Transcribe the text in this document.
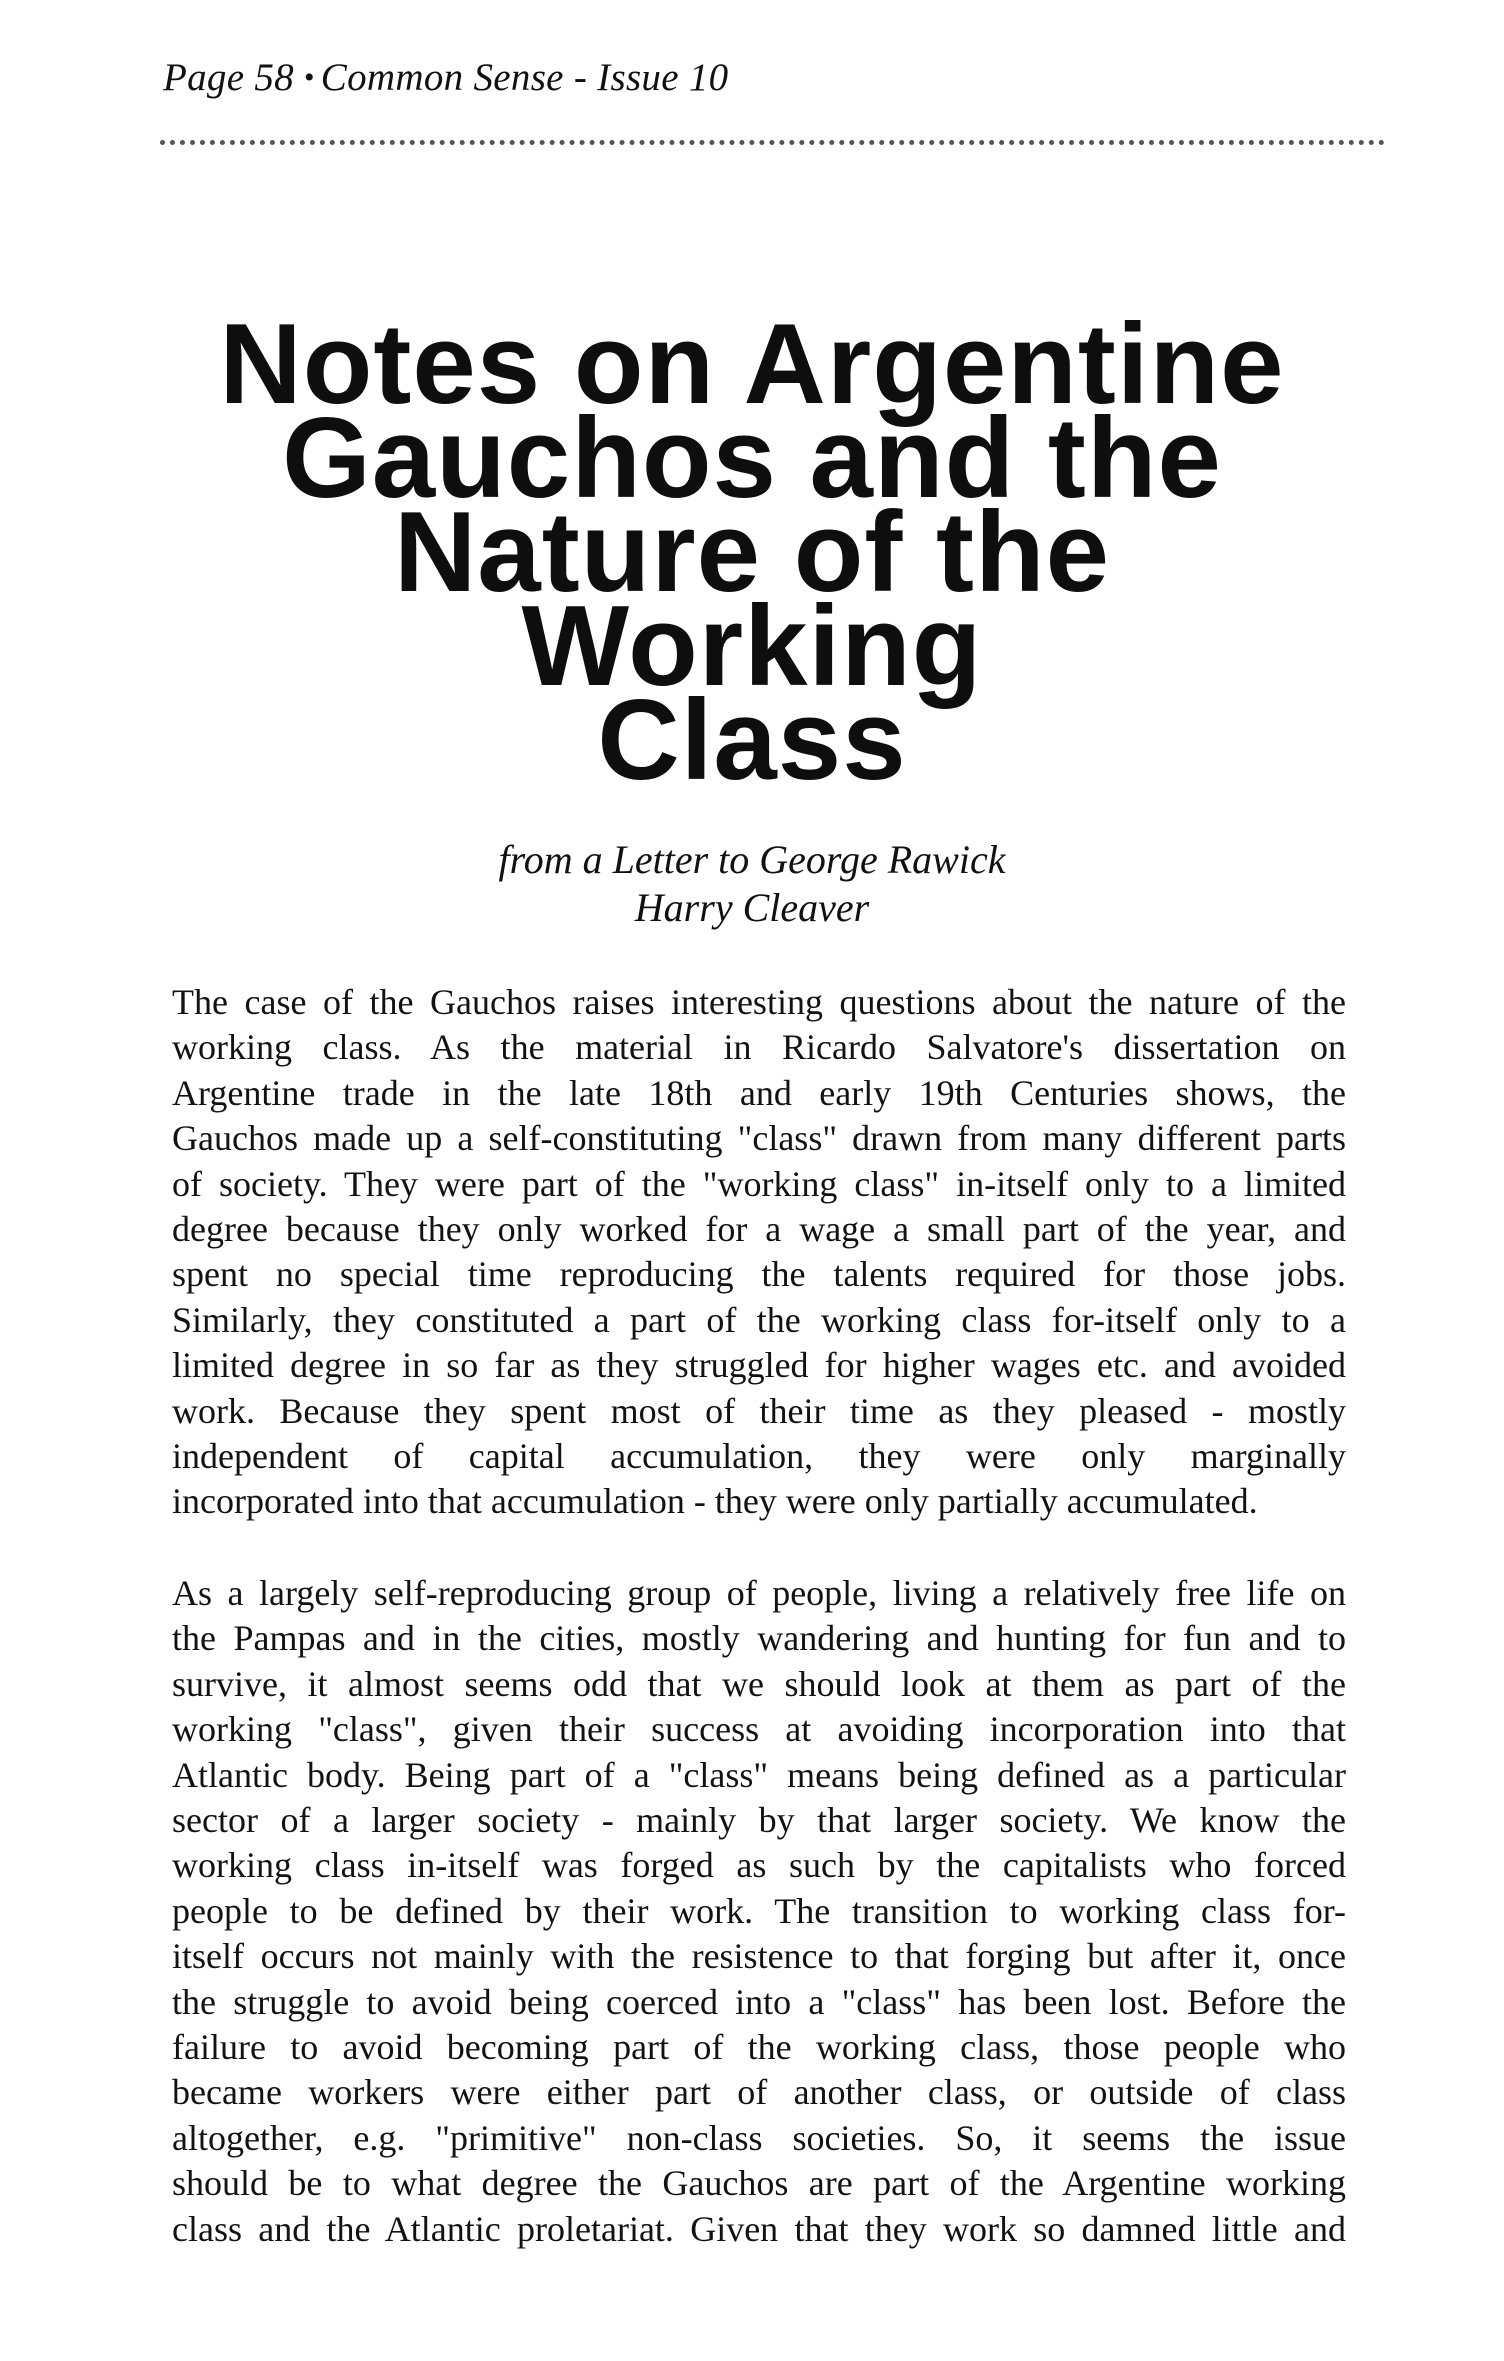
Page 58 • Common Sense - Issue 10
Notes on Argentine
Gauchos and the
Nature of the Working
Class
from a Letter to George Rawick
Harry Cleaver

The case of the Gauchos raises interesting questions about the nature of the
working class. As the material in Ricardo Salvatore's dissertation on
Argentine trade in the late 18th and early 19th Centuries shows, the
Gauchos made up a self-constituting "class" drawn from many different parts
of society. They were part of the "working class" in-itself only to a limited
degree because they only worked for a wage a small part of the year, and
spent no special time reproducing the talents required for those jobs.
Similarly, they constituted a part of the working class for-itself only to a
limited degree in so far as they struggled for higher wages etc. and avoided
work. Because they spent most of their time as they pleased - mostly
independent of capital accumulation, they were only marginally
incorporated into that accumulation - they were only partially accumulated.

As a largely self-reproducing group of people, living a relatively free life on
the Pampas and in the cities, mostly wandering and hunting for fun and to
survive, it almost seems odd that we should look at them as part of the
working "class", given their success at avoiding incorporation into that
Atlantic body. Being part of a "class" means being defined as a particular
sector of a larger society - mainly by that larger society. We know the
working class in-itself was forged as such by the capitalists who forced
people to be defined by their work. The transition to working class for-
itself occurs not mainly with the resistence to that forging but after it, once
the struggle to avoid being coerced into a "class" has been lost. Before the
failure to avoid becoming part of the working class, those people who
became workers were either part of another class, or outside of class
altogether, e.g. "primitive" non-class societies. So, it seems the issue
should be to what degree the Gauchos are part of the Argentine working
class and the Atlantic proletariat. Given that they work so damned little and
